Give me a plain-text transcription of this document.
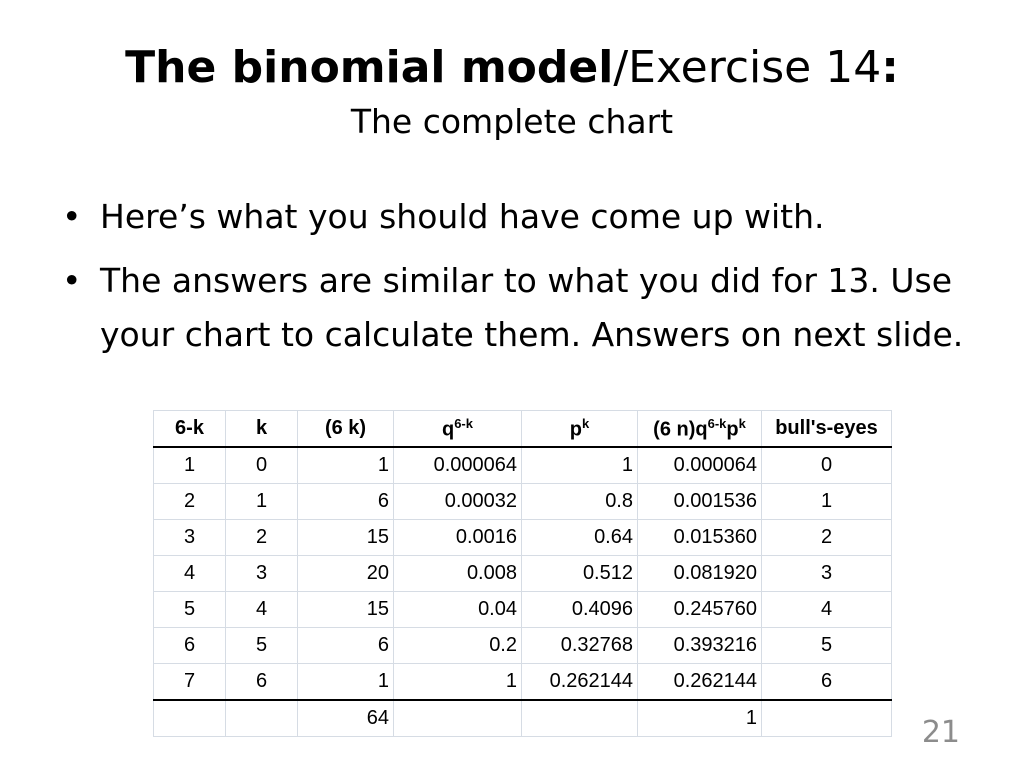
The binomial model/Exercise 14:
The complete chart
• Here’s what you should have come up with.
• The answers are similar to what you did for 13. Use your chart to calculate them. Answers on next slide.
6-k	k	(6 k)	$q^{6-k}$	$p^k$	(6 $n)q^{6-k}p^k$	bull's-eyes
1	0	1	0.000064	1	0.000064	0
2	1	6	0.00032	0.8	0.001536	1
3	2	15	0.0016	0.64	0.015360	2
4	3	20	0.008	0.512	0.081920	3
5	4	15	0.04	0.4096	0.245760	4
6	5	6	0.2	0.32768	0.393216	5
7	6	1	1	0.262144	0.262144	6
		64			1		21
